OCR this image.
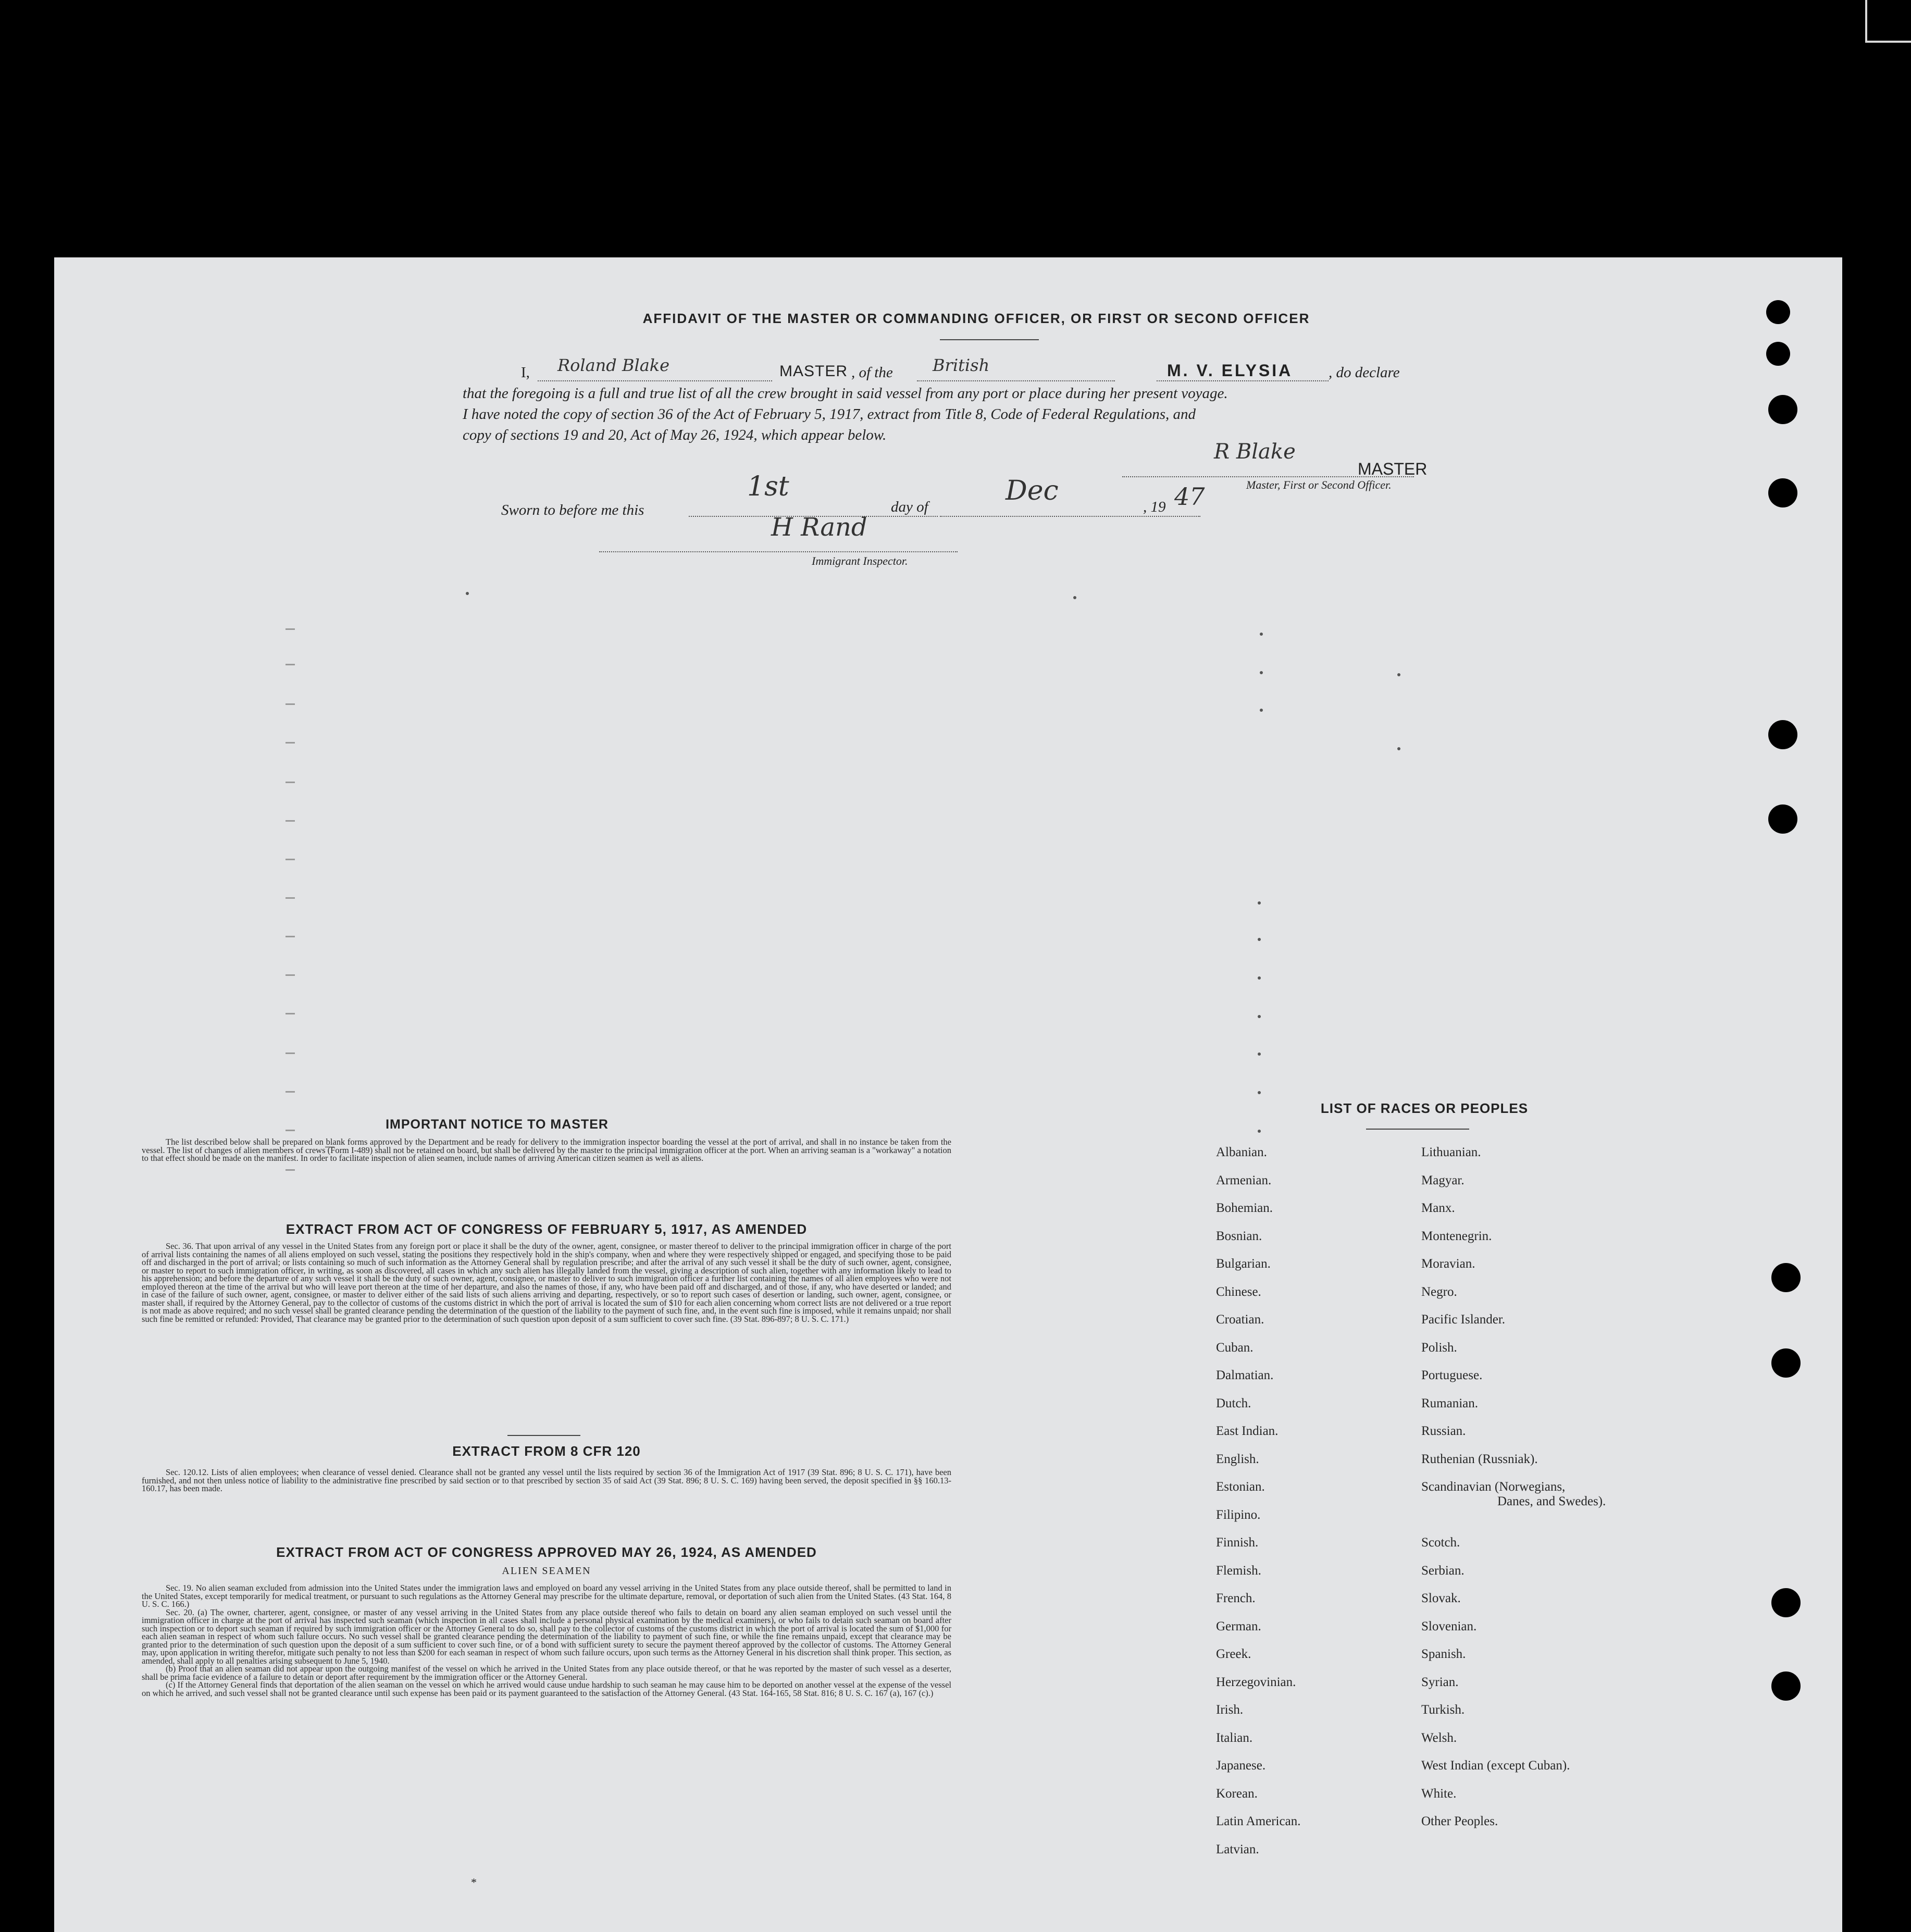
AFFIDAVIT OF THE MASTER OR COMMANDING OFFICER, OR FIRST OR SECOND OFFICER
I, Roland Blake	MASTER , of the British	M. V. ELYSIA , do declare
that the foregoing is a full and true list of all the crew brought in said vessel from any port or place during her present voyage.
I have noted the copy of section 36 of the Act of February 5, 1917, extract from Title 8, Code of Federal Regulations, and
copy of sections 19 and 20, Act of May 26, 1924, which appear below.
R Blake
MASTER
Master, First or Second Officer.
Sworn to before me this
1st
day of
Dec
, 19 47
H Rand
Immigrant Inspector.
IMPORTANT NOTICE TO MASTER

The list described below shall be prepared on blank forms approved by the Department and be ready for delivery to the immigration inspector boarding the vessel at the port of arrival, and shall in no instance be taken from the vessel. The list of changes of alien members of crews (Form I-489) shall not be retained on board, but shall be delivered by the master to the principal immigration officer at the port. When an arriving seaman is a "workaway" a notation to that effect should be made on the manifest. In order to facilitate inspection of alien seamen, include names of arriving American citizen seamen as well as aliens.

EXTRACT FROM ACT OF CONGRESS OF FEBRUARY 5, 1917, AS AMENDED

Sec. 36. That upon arrival of any vessel in the United States from any foreign port or place it shall be the duty of the owner, agent, consignee, or master thereof to deliver to the principal immigration officer in charge of the port of arrival lists containing the names of all aliens employed on such vessel, stating the positions they respectively hold in the ship's company, when and where they were respectively shipped or engaged, and specifying those to be paid off and discharged in the port of arrival; or lists containing so much of such information as the Attorney General shall by regulation prescribe; and after the arrival of any such vessel it shall be the duty of such owner, agent, consignee, or master to report to such immigration officer, in writing, as soon as discovered, all cases in which any such alien has illegally landed from the vessel, giving a description of such alien, together with any information likely to lead to his apprehension; and before the departure of any such vessel it shall be the duty of such owner, agent, consignee, or master to deliver to such immigration officer a further list containing the names of all alien employees who were not employed thereon at the time of the arrival but who will leave port thereon at the time of her departure, and also the names of those, if any, who have been paid off and discharged, and of those, if any, who have deserted or landed; and in case of the failure of such owner, agent, consignee, or master to deliver either of the said lists of such aliens arriving and departing, respectively, or so to report such cases of desertion or landing, such owner, agent, consignee, or master shall, if required by the Attorney General, pay to the collector of customs of the customs district in which the port of arrival is located the sum of $10 for each alien concerning whom correct lists are not delivered or a true report is not made as above required; and no such vessel shall be granted clearance pending the determination of the question of the liability to the payment of such fine, and, in the event such fine is imposed, while it remains unpaid; nor shall such fine be remitted or refunded: Provided, That clearance may be granted prior to the determination of such question upon deposit of a sum sufficient to cover such fine. (39 Stat. 896-897; 8 U. S. C. 171.)

EXTRACT FROM 8 CFR 120

Sec. 120.12. Lists of alien employees; when clearance of vessel denied. Clearance shall not be granted any vessel until the lists required by section 36 of the Immigration Act of 1917 (39 Stat. 896; 8 U. S. C. 171), have been furnished, and not then unless notice of liability to the administrative fine prescribed by said section or to that prescribed by section 35 of said Act (39 Stat. 896; 8 U. S. C. 169) having been served, the deposit specified in §§ 160.13-160.17, has been made.

EXTRACT FROM ACT OF CONGRESS APPROVED MAY 26, 1924, AS AMENDED
ALIEN SEAMEN

Sec. 19. No alien seaman excluded from admission into the United States under the immigration laws and employed on board any vessel arriving in the United States from any place outside thereof, shall be permitted to land in the United States, except temporarily for medical treatment, or pursuant to such regulations as the Attorney General may prescribe for the ultimate departure, removal, or deportation of such alien from the United States. (43 Stat. 164, 8 U. S. C. 166.)

Sec. 20. (a) The owner, charterer, agent, consignee, or master of any vessel arriving in the United States from any place outside thereof who fails to detain on board any alien seaman employed on such vessel until the immigration officer in charge at the port of arrival has inspected such seaman (which inspection in all cases shall include a personal physical examination by the medical examiners), or who fails to detain such seaman on board after such inspection or to deport such seaman if required by such immigration officer or the Attorney General to do so, shall pay to the collector of customs of the customs district in which the port of arrival is located the sum of $1,000 for each alien seaman in respect of whom such failure occurs. No such vessel shall be granted clearance pending the determination of the liability to payment of such fine, or while the fine remains unpaid, except that clearance may be granted prior to the determination of such question upon the deposit of a sum sufficient to cover such fine, or of a bond with sufficient surety to secure the payment thereof approved by the collector of customs. The Attorney General may, upon application in writing therefor, mitigate such penalty to not less than $200 for each seaman in respect of whom such failure occurs, upon such terms as the Attorney General in his discretion shall think proper. This section, as amended, shall apply to all penalties arising subsequent to June 5, 1940.

(b) Proof that an alien seaman did not appear upon the outgoing manifest of the vessel on which he arrived in the United States from any place outside thereof, or that he was reported by the master of such vessel as a deserter, shall be prima facie evidence of a failure to detain or deport after requirement by the immigration officer or the Attorney General.

(c) If the Attorney General finds that deportation of the alien seaman on the vessel on which he arrived would cause undue hardship to such seaman he may cause him to be deported on another vessel at the expense of the vessel on which he arrived, and such vessel shall not be granted clearance until such expense has been paid or its payment guaranteed to the satisfaction of the Attorney General. (43 Stat. 164-165, 58 Stat. 816; 8 U. S. C. 167 (a), 167 (c).)

*
LIST OF RACES OR PEOPLES
Albanian.
Armenian.
Bohemian.
Bosnian.
Bulgarian.
Chinese.
Croatian.
Cuban.
Dalmatian.
Dutch.
East Indian.
English.
Estonian.
Filipino.
Finnish.
Flemish.
French.
German.
Greek.
Herzegovinian.
Irish.
Italian.
Japanese.
Korean.
Latin American.
Latvian.
Lithuanian.
Magyar.
Manx.
Montenegrin.
Moravian.
Negro.
Pacific Islander.
Polish.
Portuguese.
Rumanian.
Russian.
Ruthenian (Russniak).
Scandinavian (Norwegians,
Danes, and Swedes).
Scotch.
Serbian.
Slovak.
Slovenian.
Spanish.
Syrian.
Turkish.
Welsh.
West Indian (except Cuban).
White.
Other Peoples.
